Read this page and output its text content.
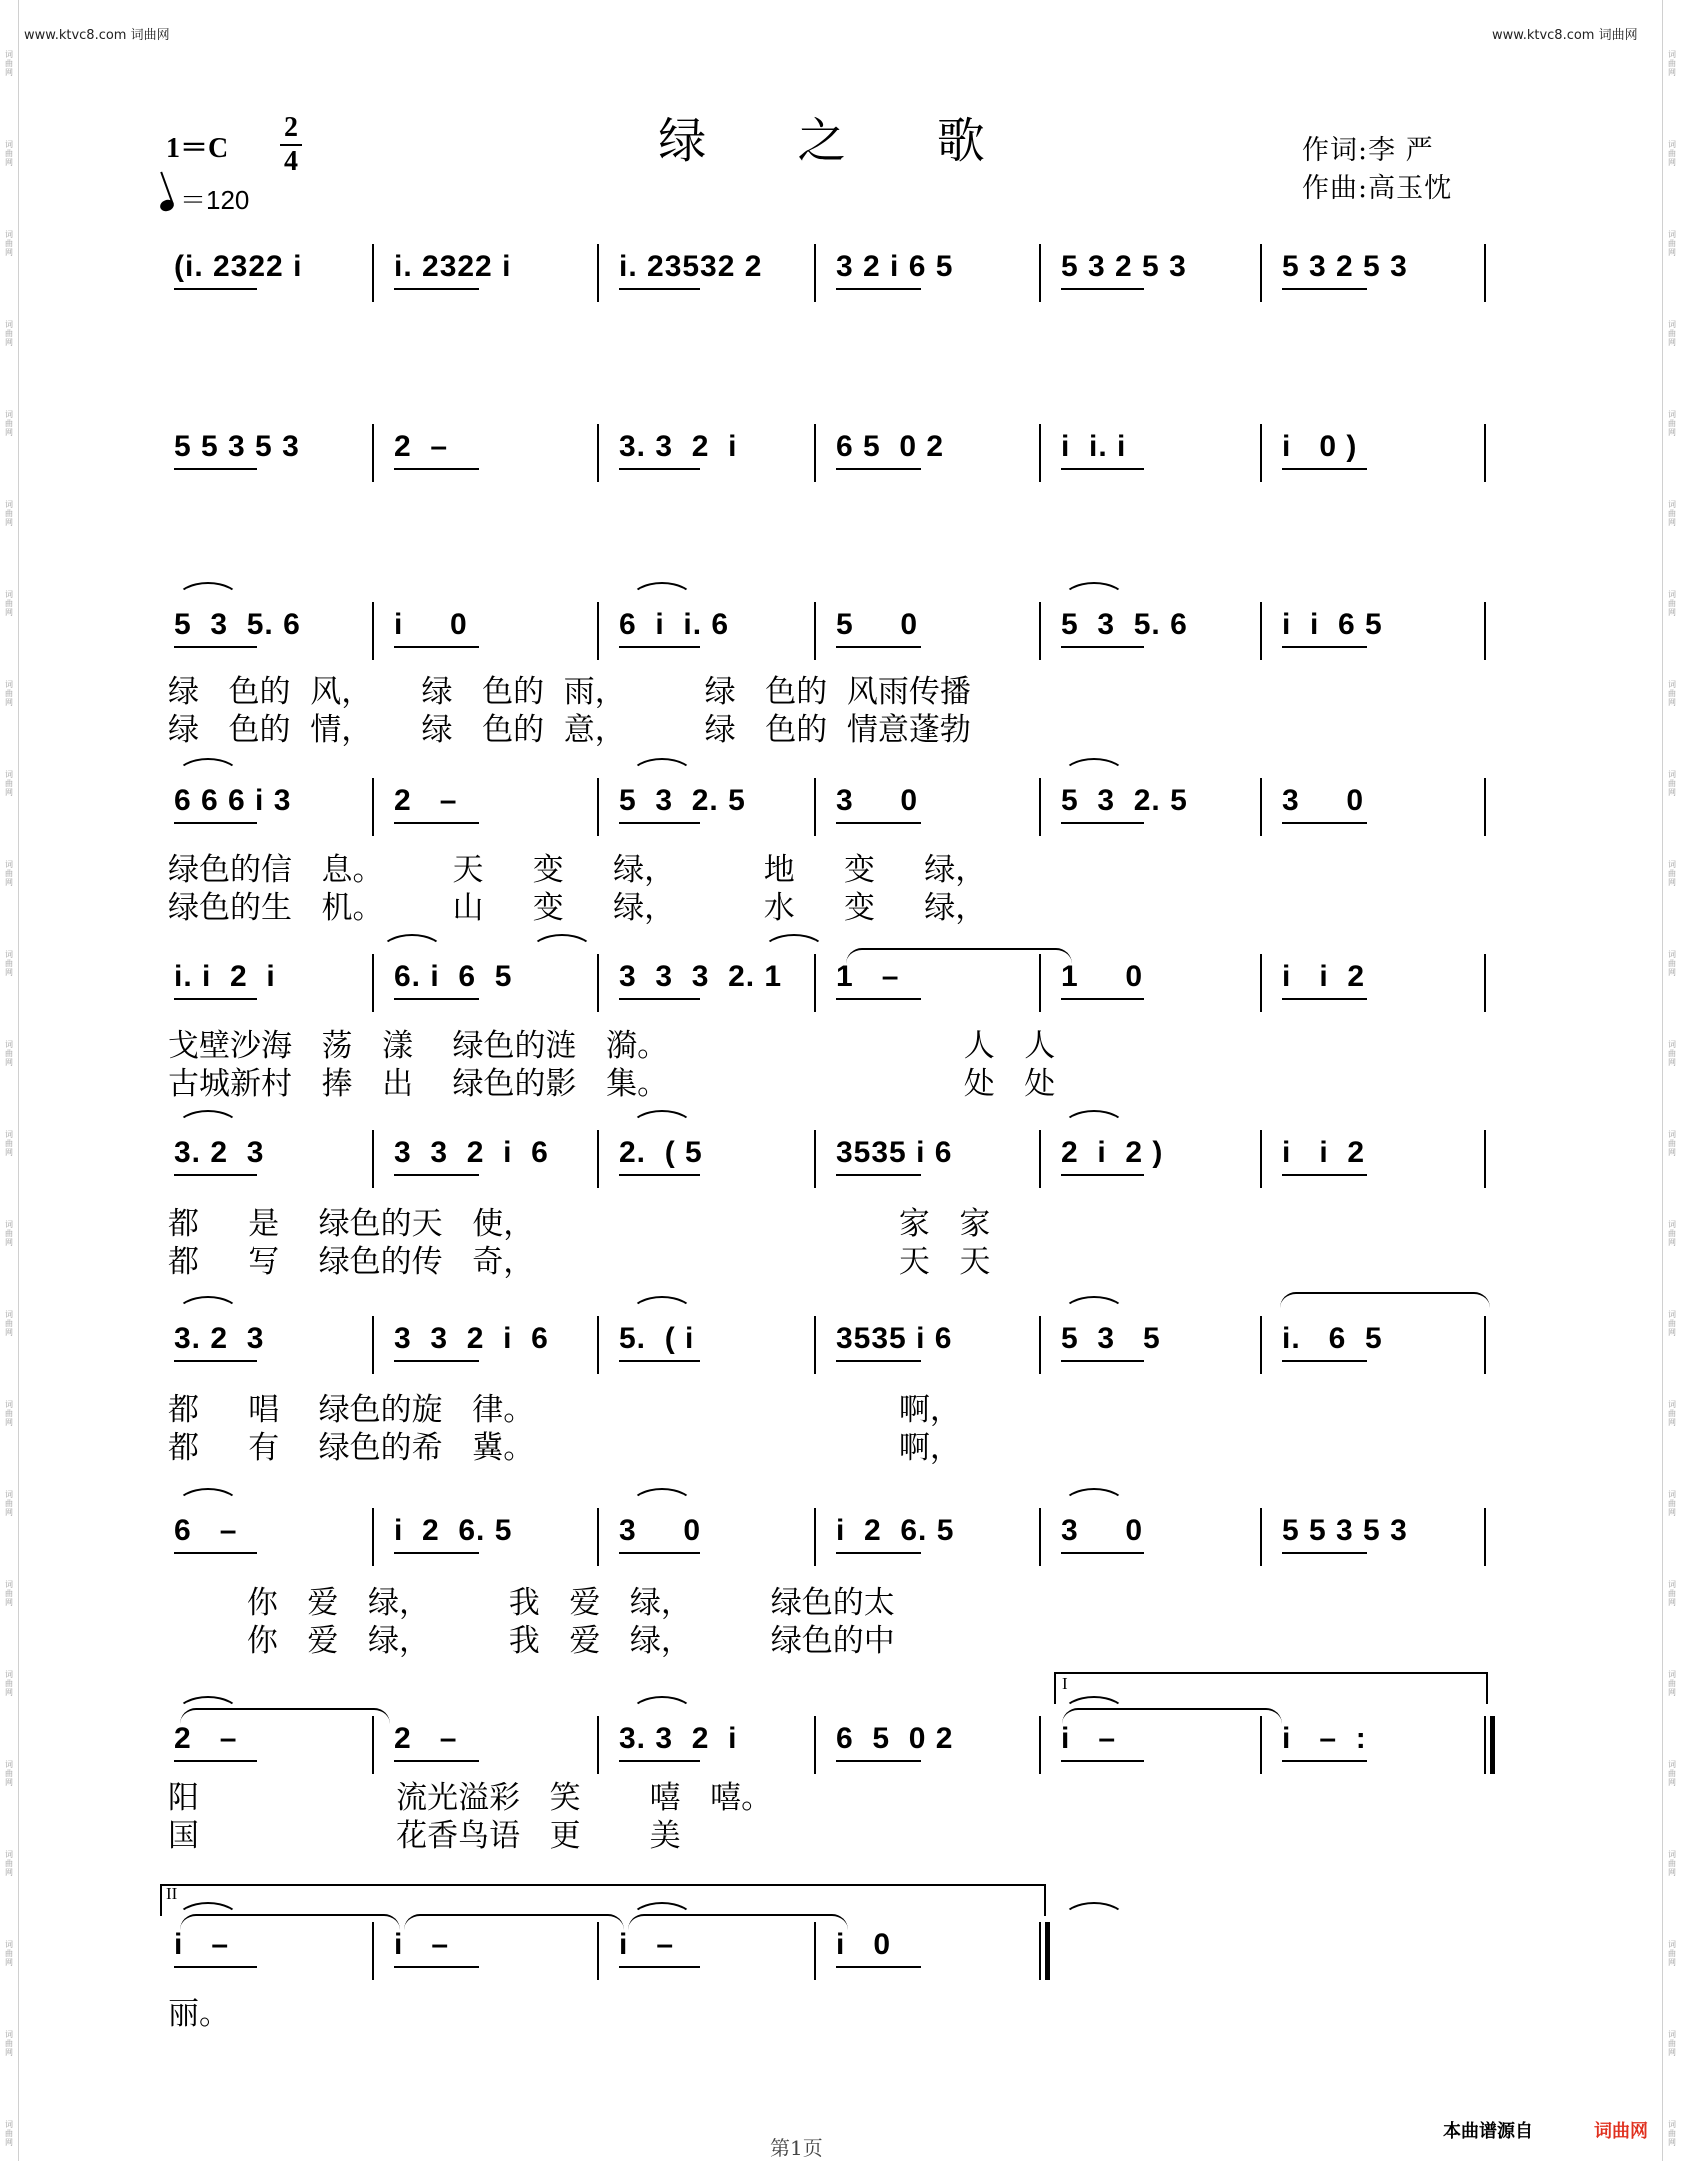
词
曲
网
词
曲
网
词
曲
网
词
曲
网
词
曲
网
词
曲
网
词
曲
网
词
曲
网
词
曲
网
词
曲
网
词
曲
网
词
曲
网
词
曲
网
词
曲
网
词
曲
网
词
曲
网
词
曲
网
词
曲
网
词
曲
网
词
曲
网
词
曲
网
词
曲
网
词
曲
网
词
曲
网
词
曲
网
词
曲
网
词
曲
网
词
曲
网
词
曲
网
词
曲
网
词
曲
网
词
曲
网
词
曲
网
词
曲
网
词
曲
网
词
曲
网
词
曲
网
词
曲
网
词
曲
网
词
曲
网
词
曲
网
词
曲
网
词
曲
网
词
曲
网
词
曲
网
词
曲
网
词
曲
网
词
曲
网
www.ktvc8.com 词曲网	www.ktvc8.com 词曲网
绿 之 歌
1＝C
2
4
＝120
作词:李 严
作曲:高玉忱
(i. 2322 i	i. 2322 i	i. 23532 2 3 2 i 6 5	5 3 2 5 3	5 3 2 5 3
5 5 3 5 3	2  –	3. 3  2  i	6 5  0 2	i  i. i	i   0 )
5  3  5. 6	i     0	6  i  i. 6	5     0	5  3  5. 6	i  i  6 5
绿   色的  风，     绿   色的  雨，        绿   色的  风雨传播
绿   色的  情，     绿   色的  意，        绿   色的  情意蓬勃
6 6 6 i 3	2   –	5  3  2. 5	3     0	5  3  2. 5	3     0
绿色的信   息。       天     变     绿，         地     变     绿，
绿色的生   机。       山     变     绿，         水     变     绿，
i. i  2  i	6. i  6  5	3  3  3  2. 1 1   –	1     0	i   i  2
戈壁沙海   荡   漾    绿色的涟   漪。                              人   人
古城新村   捧   出    绿色的影   集。                              处   处
3. 2  3	3  3  2  i  6 2.  ( 5	3535 i 6	2  i  2 )	i   i  2
都     是    绿色的天   使，                                     家   家
都     写    绿色的传   奇，                                     天   天
3. 2  3	3  3  2  i  6 5.  ( i	3535 i 6	5  3   5	i.   6  5
都     唱    绿色的旋   律。                                     啊，
都     有    绿色的希   冀。                                     啊，
6   –	i  2  6. 5	3     0	i  2  6. 5	3     0	5 5 3 5 3
你   爱   绿，        我   爱   绿，        绿色的太
你   爱   绿，        我   爱   绿，        绿色的中
2   –	2   –	3. 3  2  i	6  5  0 2	i   –	i   –  :
I
阳                    流光溢彩   笑       嘻   嘻。
国                    花香鸟语   更       美
i   –	i   –	i   –	i   0
II
丽。
本曲谱源自	词曲网
第1页
